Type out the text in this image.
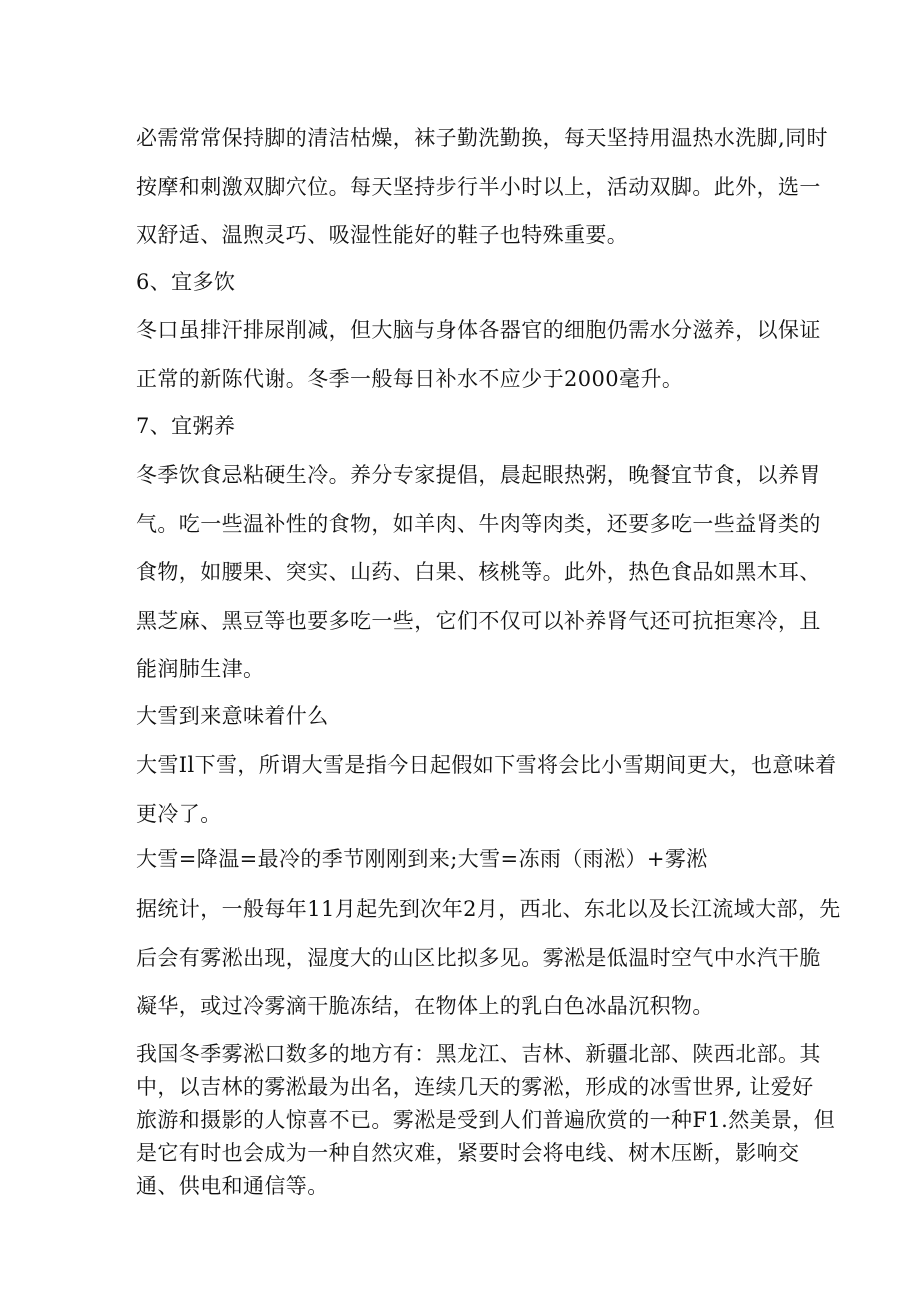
必需常常保持脚的清洁枯燥，袜子勤洗勤换，每天坚持用温热水洗脚,同时
按摩和刺激双脚穴位。每天坚持步行半小时以上，活动双脚。此外，选一
双舒适、温煦灵巧、吸湿性能好的鞋子也特殊重要。

6、宜多饮

冬口虽排汗排尿削减，但大脑与身体各器官的细胞仍需水分滋养，以保证
正常的新陈代谢。冬季一般每日补水不应少于2000毫升。

7、宜粥养

冬季饮食忌粘硬生冷。养分专家提倡，晨起眼热粥，晚餐宜节食，以养胃
气。吃一些温补性的食物，如羊肉、牛肉等肉类，还要多吃一些益肾类的
食物，如腰果、突实、山药、白果、核桃等。此外，热色食品如黑木耳、
黑芝麻、黑豆等也要多吃一些，它们不仅可以补养肾气还可抗拒寒冷，且
能润肺生津。

大雪到来意味着什么

大雪Il下雪，所谓大雪是指今日起假如下雪将会比小雪期间更大，也意味着
更冷了。

大雪=降温=最冷的季节刚刚到来;大雪=冻雨（雨淞）+雾淞

据统计，一般每年11月起先到次年2月，西北、东北以及长江流域大部，先
后会有雾淞出现，湿度大的山区比拟多见。雾淞是低温时空气中水汽干脆
凝华，或过冷雾滴干脆冻结，在物体上的乳白色冰晶沉积物。

我国冬季雾淞口数多的地方有：黑龙江、吉林、新疆北部、陕西北部。其
中，以吉林的雾淞最为出名，连续几天的雾淞，形成的冰雪世界, 让爱好
旅游和摄影的人惊喜不已。雾淞是受到人们普遍欣赏的一种F1.然美景，但
是它有时也会成为一种自然灾难，紧要时会将电线、树木压断，影响交
通、供电和通信等。
